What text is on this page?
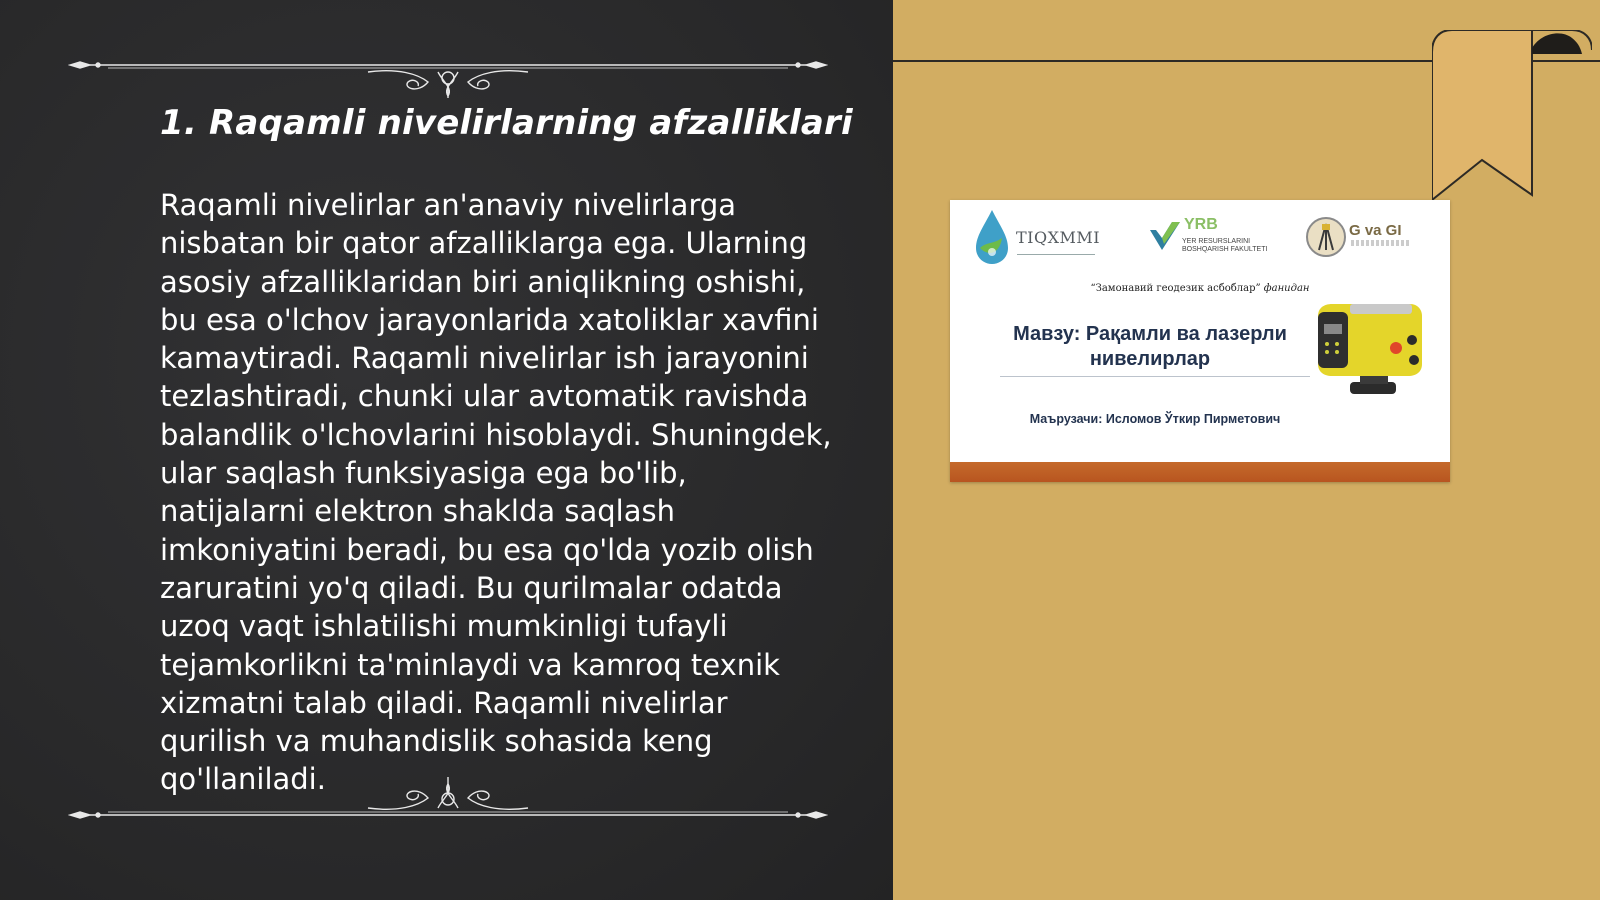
1. Raqamli nivelirlarning afzalliklari
Raqamli nivelirlar an'anaviy nivelirlarga nisbatan bir qator afzalliklarga ega. Ularning asosiy afzalliklaridan biri aniqlikning oshishi, bu esa o'lchov jarayonlarida xatoliklar xavfini kamaytiradi. Raqamli nivelirlar ish jarayonini tezlashtiradi, chunki ular avtomatik ravishda balandlik o'lchovlarini hisoblaydi. Shuningdek, ular saqlash funksiyasiga ega bo'lib, natijalarni elektron shakldа saqlash imkoniyatini beradi, bu esa qo'lda yozib olish zaruratini yo'q qiladi. Bu qurilmalar odatda uzoq vaqt ishlatilishi mumkinligi tufayli tejamkorlikni ta'minlaydi va kamroq texnik xizmatni talab qiladi. Raqamli nivelirlar qurilish va muhandislik sohasida keng qo'llaniladi.
TIQXMMI
YRB
YER RESURSLARINI BOSHQARISH FAKULTETI
G va GI
“Замонавий геодезик асбоблар” фанидан
Мавзу: Рақамли ва лазерли нивелирлар
Маърузачи: Исломов Ўткир Пирметович
